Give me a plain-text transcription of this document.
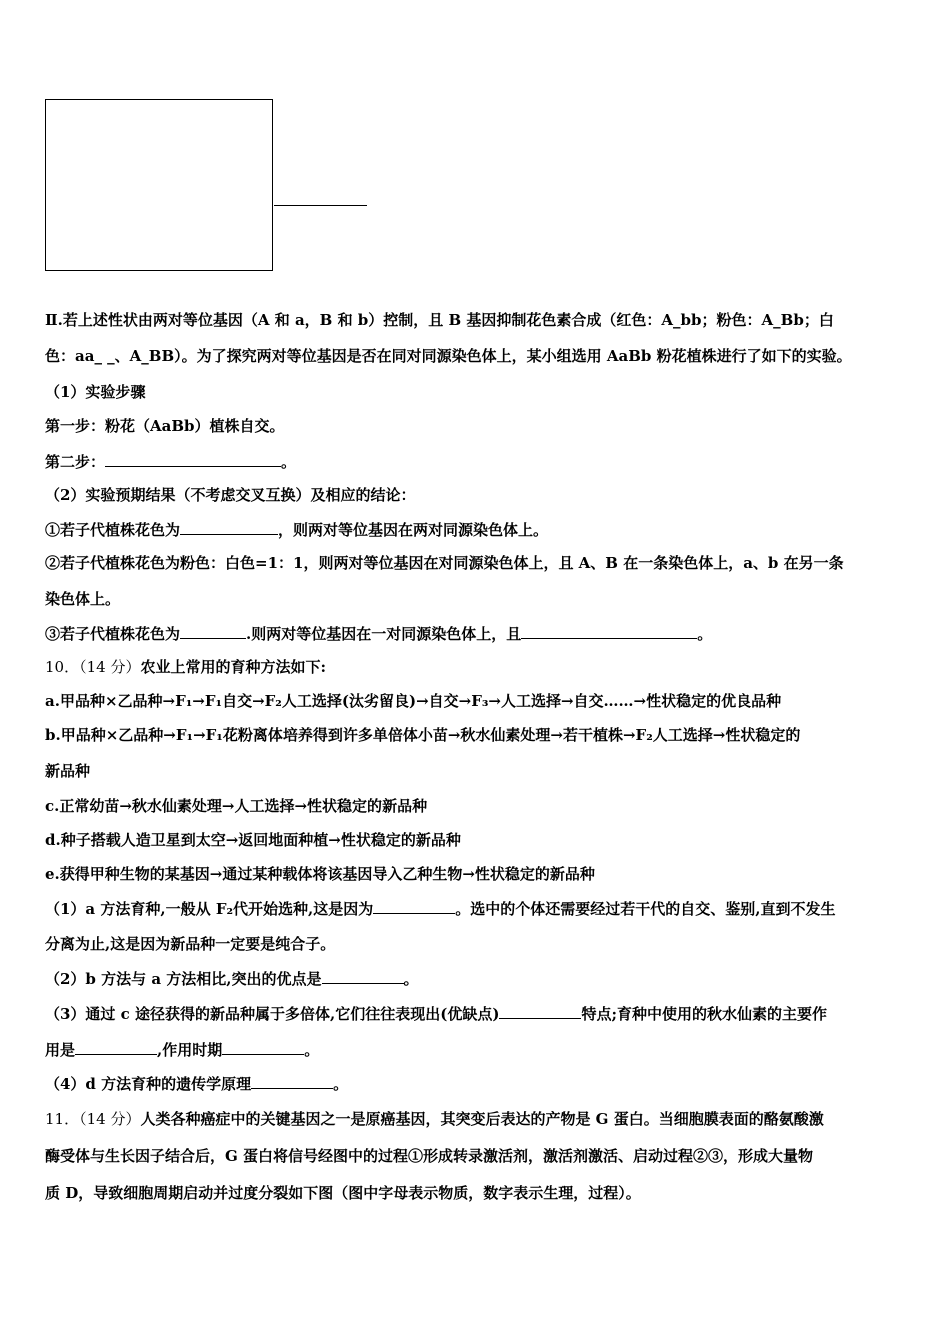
Ⅱ.若上述性状由两对等位基因（A 和 a，B 和 b）控制，且 B 基因抑制花色素合成（红色：A_bb；粉色：A_Bb；白
色：aa_ _、A_BB）。为了探究两对等位基因是否在同对同源染色体上，某小组选用 AaBb 粉花植株进行了如下的实验。
（1）实验步骤
第一步：粉花（AaBb）植株自交。
第二步：	。
（2）实验预期结果（不考虑交叉互换）及相应的结论：
①若子代植株花色为	，则两对等位基因在两对同源染色体上。
②若子代植株花色为粉色：白色=1：1，则两对等位基因在对同源染色体上，且 A、B 在一条染色体上，a、b 在另一条
染色体上。
③若子代植株花色为	.则两对等位基因在一对同源染色体上，且	。
10．（14 分）农业上常用的育种方法如下:
a.甲品种×乙品种→F₁→F₁自交→F₂人工选择(汰劣留良)→自交→F₃→人工选择→自交……→性状稳定的优良品种
b.甲品种×乙品种→F₁→F₁花粉离体培养得到许多单倍体小苗→秋水仙素处理→若干植株→F₂人工选择→性状稳定的
新品种
c.正常幼苗→秋水仙素处理→人工选择→性状稳定的新品种
d.种子搭载人造卫星到太空→返回地面种植→性状稳定的新品种
e.获得甲种生物的某基因→通过某种载体将该基因导入乙种生物→性状稳定的新品种
（1）a 方法育种,一般从 F₂代开始选种,这是因为	。选中的个体还需要经过若干代的自交、鉴别,直到不发生
分离为止,这是因为新品种一定要是纯合子。
（2）b 方法与 a 方法相比,突出的优点是	。
（3）通过 c 途径获得的新品种属于多倍体,它们往往表现出(优缺点)	特点;育种中使用的秋水仙素的主要作
用是	,作用时期	。
（4）d 方法育种的遗传学原理	。
11．（14 分）人类各种癌症中的关键基因之一是原癌基因，其突变后表达的产物是 G 蛋白。当细胞膜表面的酪氨酸激
酶受体与生长因子结合后，G 蛋白将信号经图中的过程①形成转录激活剂，激活剂激活、启动过程②③，形成大量物
质 D，导致细胞周期启动并过度分裂如下图（图中字母表示物质，数字表示生理，过程）。
